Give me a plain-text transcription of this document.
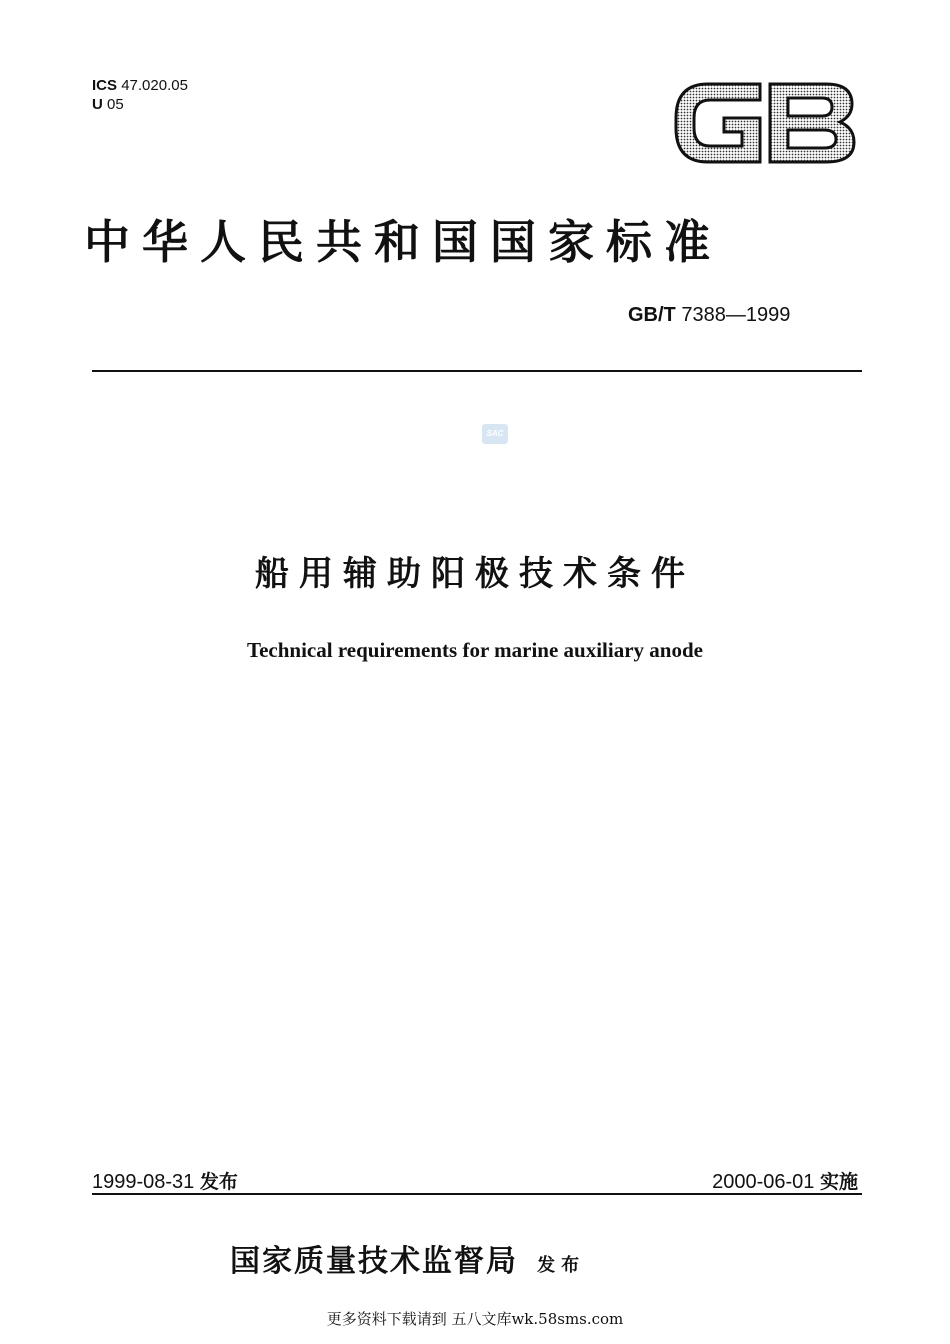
ICS 47.020.05
U 05
中华人民共和国国家标准
GB/T 7388—1999
SAC
船用辅助阳极技术条件
Technical requirements for marine auxiliary anode
1999-08-31 发布	2000-06-01 实施
国家质量技术监督局 发布
更多资料下载请到 五八文库wk.58sms.com
